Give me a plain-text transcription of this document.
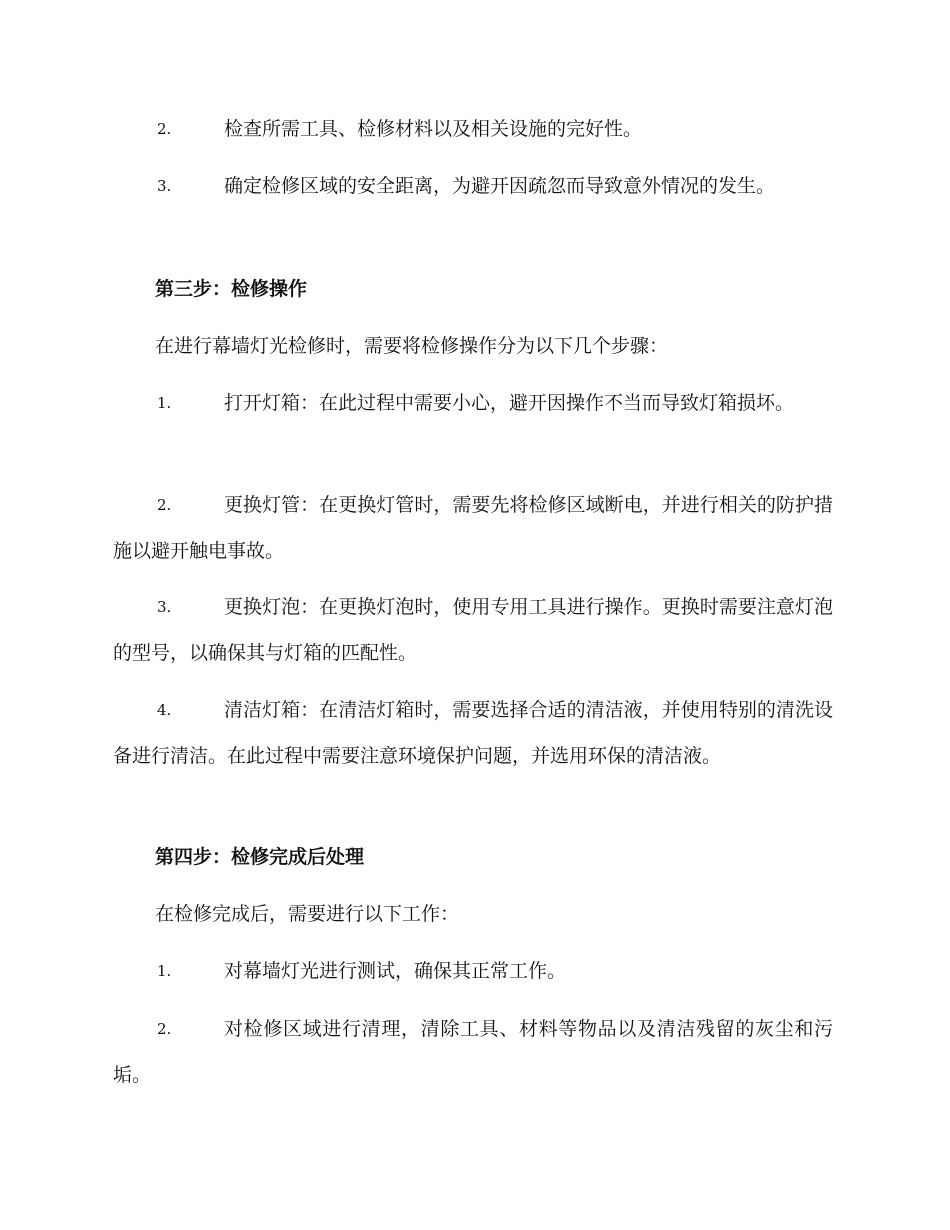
2.	检查所需工具、检修材料以及相关设施的完好性。
3.	确定检修区域的安全距离，为避开因疏忽而导致意外情况的发生。
第三步：检修操作
在进行幕墙灯光检修时，需要将检修操作分为以下几个步骤：
1.	打开灯箱：在此过程中需要小心，避开因操作不当而导致灯箱损坏。
2.	更换灯管：在更换灯管时，需要先将检修区域断电，并进行相关的防护措施以避开触电事故。
3.	更换灯泡：在更换灯泡时，使用专用工具进行操作。更换时需要注意灯泡的型号，以确保其与灯箱的匹配性。
4.	清洁灯箱：在清洁灯箱时，需要选择合适的清洁液，并使用特别的清洗设备进行清洁。在此过程中需要注意环境保护问题，并选用环保的清洁液。
第四步：检修完成后处理
在检修完成后，需要进行以下工作：
1.	对幕墙灯光进行测试，确保其正常工作。
2.	对检修区域进行清理，清除工具、材料等物品以及清洁残留的灰尘和污垢。
